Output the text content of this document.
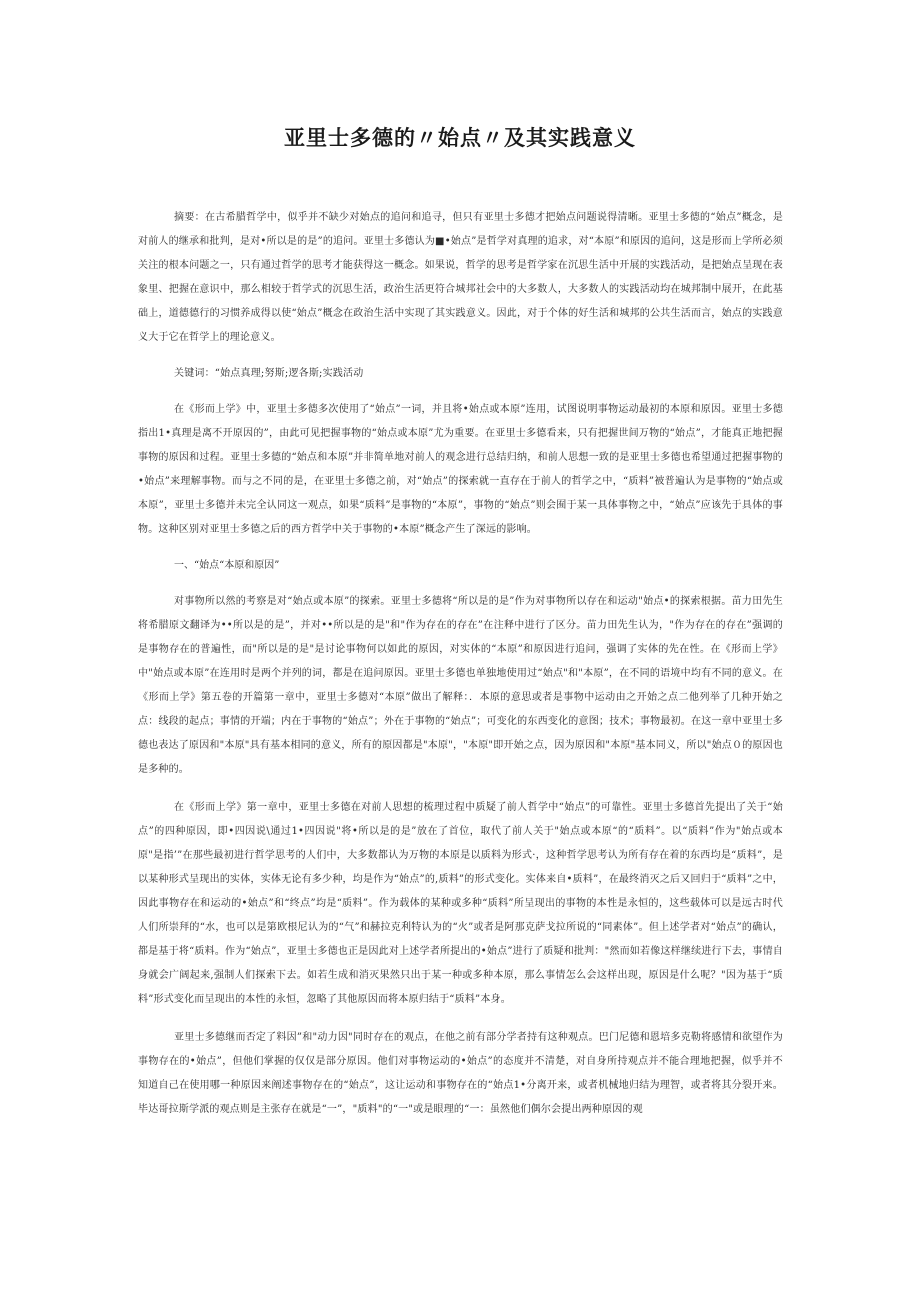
亚里士多德的〃始点〃及其实践意义

摘要：在古希腊哲学中，似乎并不缺少对始点的追问和追寻，但只有亚里士多德才把始点问题说得清晰。亚里士多德的“始点”概念，是对前人的继承和批判，是对•所以是的是”的追问。亚里士多德认为■•始点”是哲学对真理的追求，对“本原”和原因的追问，这是形而上学所必须关注的根本问题之一，只有通过哲学的思考才能获得这一概念。如果说，哲学的思考是哲学家在沉思生活中开展的实践活动，是把始点呈现在表象里、把握在意识中，那么相较于哲学式的沉思生活，政治生活更符合城邦社会中的大多数人，大多数人的实践活动均在城邦制中展开，在此基础上，道德德行的习惯养成得以使“始点”概念在政治生活中实现了其实践意义。因此，对于个体的好生活和城邦的公共生活而言，始点的实践意义大于它在哲学上的理论意义。

关键词：“始点真理;努斯;逻各斯;实践活动

在《形而上学》中，亚里士多德多次使用了“始点”一词，并且将•始点或本原”连用，试图说明事物运动最初的本原和原因。亚里士多德指出1•真理是离不开原因的”，由此可见把握事物的“始点或本原”尤为重要。在亚里士多德看来，只有把握世间万物的“始点”，才能真正地把握事物的原因和过程。亚里士多德的“始点和本原”并非简单地对前人的观念进行总结归纳，和前人思想一致的是亚里士多德也希望通过把握事物的•始点”来理解事物。而与之不同的是，在亚里士多德之前，对“始点”的探索就一直存在于前人的哲学之中，“质料”被普遍认为是事物的“始点或本原”，亚里士多德并未完全认同这一观点，如果“质料”是事物的“本原”，事物的“始点”则会囿于某一具体事物之中，“始点”应该先于具体的事物。这种区别对亚里士多德之后的西方哲学中关于事物的•本原”概念产生了深远的影响。

一、“始点“本原和原因”

对事物所以然的考察是对“始点或本原”的探索。亚里士多德将“所以是的是”作为对事物所以存在和运动"始点•的探索根据。苗力田先生将希腊原文翻译为••所以是的是”，并对••所以是的是"和"作为存在的存在”在注释中进行了区分。苗力田先生认为，"作为存在的存在”强调的是事物存在的普遍性，而"所以是的是"是讨论事物何以如此的原因，对实体的“本原”和原因进行追问，强调了实体的先在性。在《形而上学》中"始点或本原”在连用时是两个并列的词，都是在追问原因。亚里士多德也单独地使用过“始点"和"本原”，在不同的语境中均有不同的意义。在《形而上学》第五卷的开篇第一章中，亚里士多德对“本原”做出了解释：．本原的意思或者是事物中运动由之开始之点二他列举了几种开始之点：线段的起点；事情的开端；内在于事物的“始点”；外在于事物的“始点”；可变化的东西变化的意图；技术；事物最初。在这一章中亚里士多德也表达了原因和"本原"具有基本相同的意义，所有的原因都是"本原"，"本原"即开始之点，因为原因和"本原"基本同义，所以"始点０的原因也是多种的。

在《形而上学》第一章中，亚里士多德在对前人思想的梳理过程中质疑了前人哲学中“始点”的可靠性。亚里士多德首先提出了关于“始点”的四种原因，即•四因说\通过1•四因说"将•所以是的是”放在了首位，取代了前人关于"始点或本原“的“质料”。以“质料”作为"始点或本原"是指’”在那些最初进行哲学思考的人们中，大多数都认为万物的本原是以质料为形式·，这种哲学思考认为所有存在着的东西均是“质料”，是以某种形式呈现出的实体，实体无论有多少种，均是作为“始点”的,质料”的形式变化。实体来自•质料”，在最终消灭之后又回归于“质料”之中，因此事物存在和运动的•始点”和“终点”均是“质料”。作为载体的某种或多种“质料”所呈现出的事物的本性是永恒的，这些载体可以是远古时代人们所崇拜的“水，也可以是第欧根尼认为的“气”和赫拉克利特认为的“火”或者是阿那克萨戈拉所说的“同素体”。但上述学者对“始点”的确认，都是基于将“质料。作为“始点”，亚里士多德也正是因此对上述学者所提出的•始点”进行了质疑和批判："然而如若像这样继续进行下去，事情自身就会广阔起来,强制人们探索下去。如若生成和消灭果然只出于某一种或多种本原，那么事情怎么会这样出现，原因是什么呢？"因为基于“质料”形式变化而呈现出的本性的永恒，忽略了其他原因而将本原归结于“质料”本身。

亚里士多德继而否定了料因”和"动力因"同时存在的观点，在他之前有部分学者持有这种观点。巴门尼德和恩培多克勒将感情和欲望作为事物存在的•始点”，但他们掌握的仅仅是部分原因。他们对事物运动的•始点”的态度并不清楚，对自身所持观点并不能合理地把握，似乎并不知道自己在使用哪一种原因来阐述事物存在的“始点”，这让运动和事物存在的“始点1•分离开来，或者机械地归结为理智，或者将其分裂开来。毕达哥拉斯学派的观点则是主张存在就是“一”，"质料"的“一"或是眼理的“一：虽然他们偶尔会提出两种原因的观
